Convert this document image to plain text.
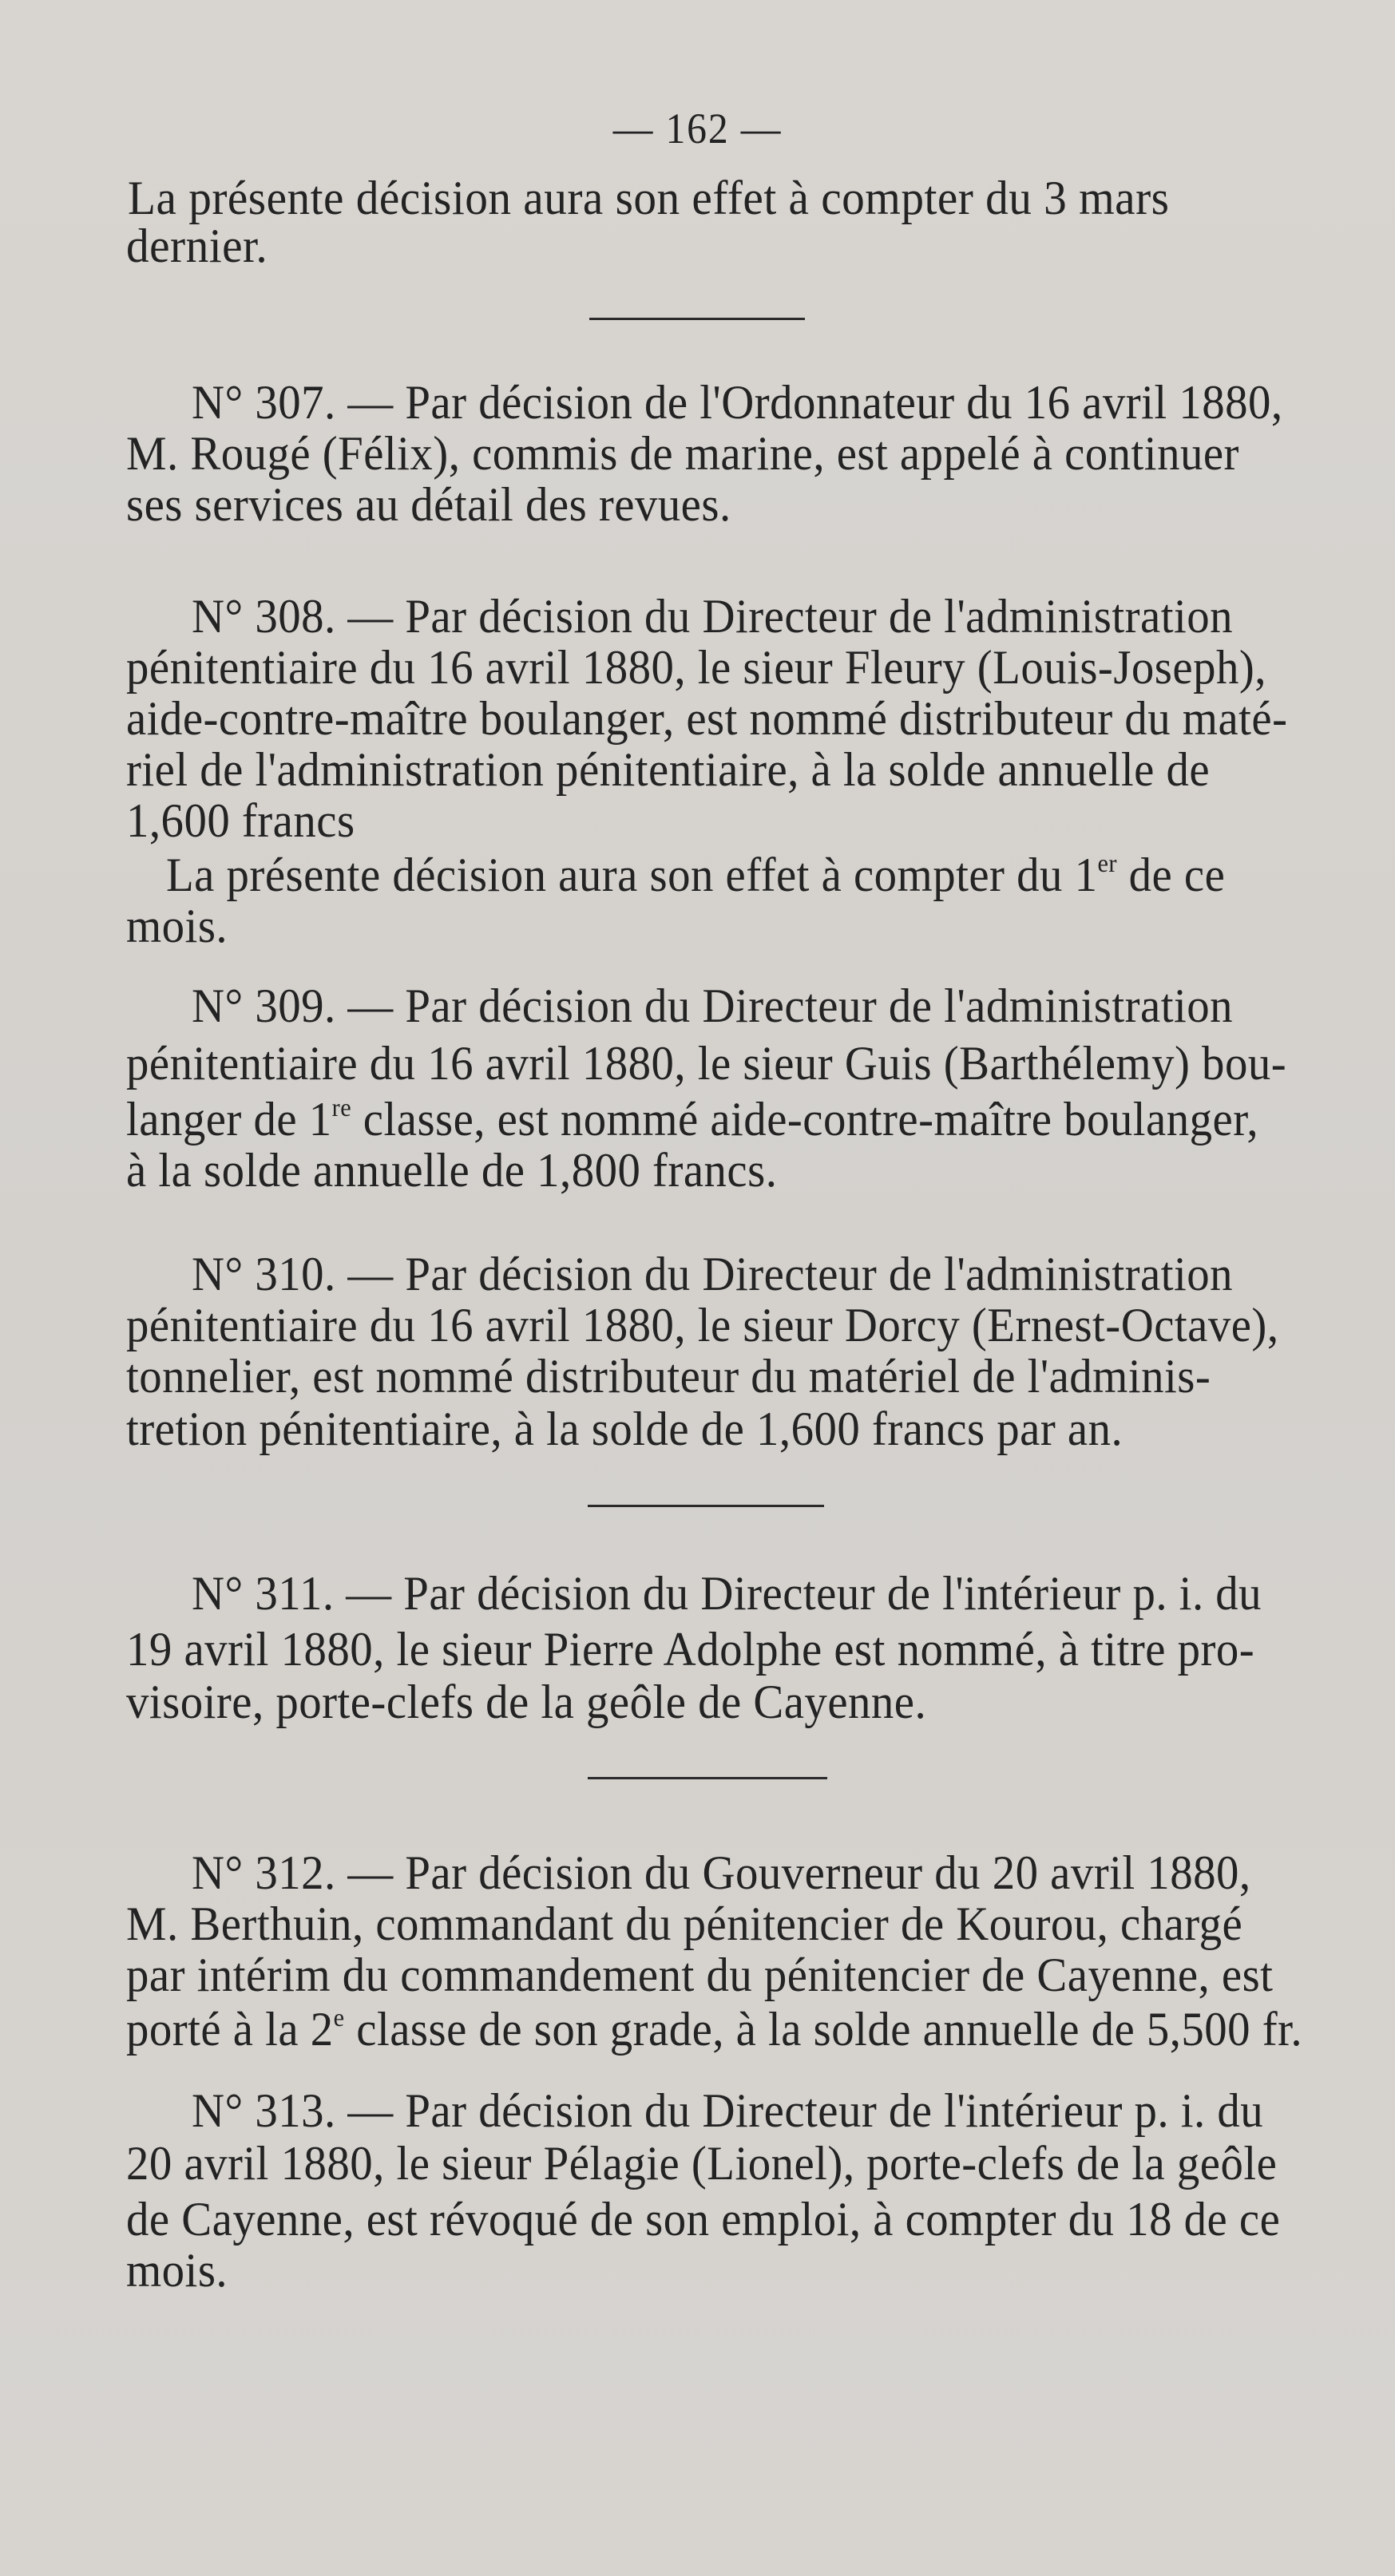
— 162 —
La présente décision aura son effet à compter du 3 mars
dernier.
N° 307. — Par décision de l'Ordonnateur du 16 avril 1880,
M. Rougé (Félix), commis de marine, est appelé à continuer
ses services au détail des revues.
N° 308. — Par décision du Directeur de l'administration
pénitentiaire du 16 avril 1880, le sieur Fleury (Louis-Joseph),
aide-contre-maître boulanger, est nommé distributeur du maté-
riel de l'administration pénitentiaire, à la solde annuelle de
1,600 francs
La présente décision aura son effet à compter du 1er de ce
mois.
N° 309. — Par décision du Directeur de l'administration
pénitentiaire du 16 avril 1880, le sieur Guis (Barthélemy) bou-
langer de 1re classe, est nommé aide-contre-maître boulanger,
à la solde annuelle de 1,800 francs.
N° 310. — Par décision du Directeur de l'administration
pénitentiaire du 16 avril 1880, le sieur Dorcy (Ernest-Octave),
tonnelier, est nommé distributeur du matériel de l'adminis-
tretion pénitentiaire, à la solde de 1,600 francs par an.
N° 311. — Par décision du Directeur de l'intérieur p. i. du
19 avril 1880, le sieur Pierre Adolphe est nommé, à titre pro-
visoire, porte-clefs de la geôle de Cayenne.
N° 312. — Par décision du Gouverneur du 20 avril 1880,
M. Berthuin, commandant du pénitencier de Kourou, chargé
par intérim du commandement du pénitencier de Cayenne, est
porté à la 2e classe de son grade, à la solde annuelle de 5,500 fr.
N° 313. — Par décision du Directeur de l'intérieur p. i. du
20 avril 1880, le sieur Pélagie (Lionel), porte-clefs de la geôle
de Cayenne, est révoqué de son emploi, à compter du 18 de ce
mois.
